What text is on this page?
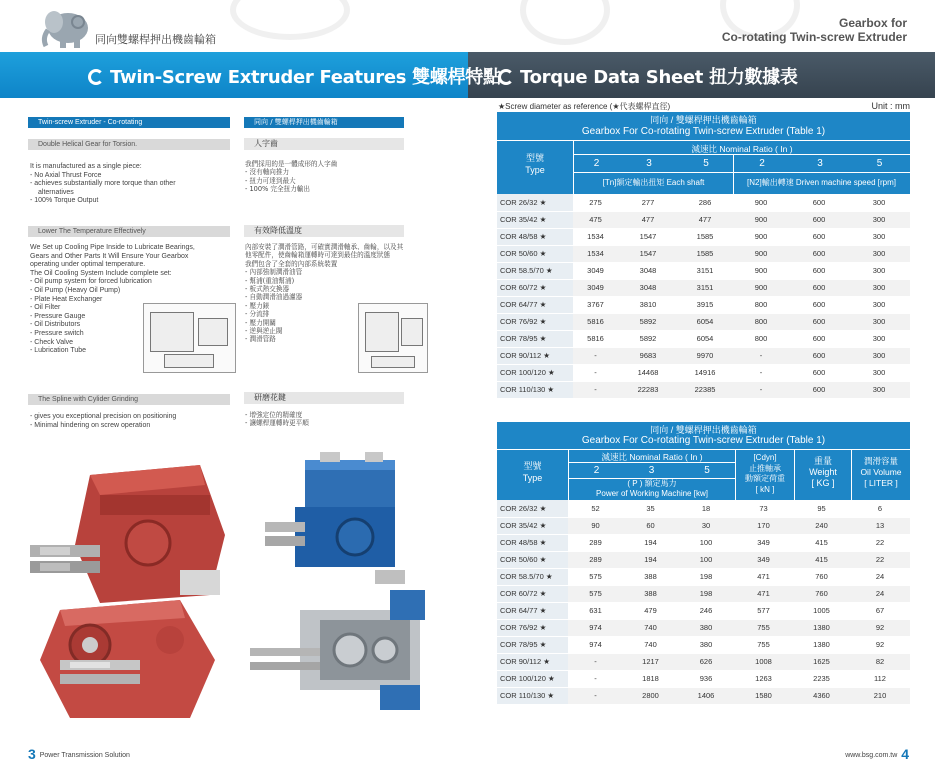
同向雙螺桿押出機齒輪箱
Gearbox for
Co-rotating Twin-screw Extruder
Twin-Screw Extruder Features 雙螺桿特點	Torque Data Sheet 扭力數據表
Twin-screw Extruder - Co-rotating	同向 / 雙螺桿押出機齒輪箱
Double Helical Gear for Torsion.	人字齒
It is manufactured as a single piece:
- No Axial Thrust Force
- achieves substantially more torque than other
alternatives
- 100% Torque Output
我們採用的是一體成形的人字齒
- 沒有軸向推力
- 扭力可達到最大
- 100% 完全扭力輸出
Lower The Temperature Effectively	有效降低溫度
We Set up Cooling Pipe Inside to Lubricate Bearings,
Gears and Other Parts It Will Ensure Your Gearbox
operating under optimal temperature.
The Oil Cooling System Include complete set:
- Oil pump system for forced lubrication
- Oil Pump (Heavy Oil Pump)
- Plate Heat Exchanger
- Oil Filter
- Pressure Gauge
- Oil Distributors
- Pressure switch
- Check Valve
- Lubrication Tube
內部安裝了潤滑管路，可確實潤滑軸承、齒輪，以及其
他零配件，使齒輪箱運轉時可達到最佳的溫度狀態
我們包含了全套的內部系統裝置
- 內部強制潤滑油管
- 幫浦(重油幫浦)
- 板式熱交換器
- 自動潤滑油過濾器
- 壓力錶
- 分流排
- 壓力開關
- 逆與逆止閥
- 潤滑管路
The Spline with Cylider Grinding	研磨花鍵
- gives you exceptional precision on positioning
- Minimal hindering on screw operation
- 增強定位的精確度
- 讓螺桿運轉時更平順
★Screw diameter as reference (★代表螺桿直徑)	Unit : mm
同向 / 雙螺桿押出機齒輪箱
Gearbox For Co-rotating Twin-screw Extruder (Table 1)
型號
Type
減速比 Nominal Ratio ( In )
2	3	5	2	3	5
[Tn]額定輸出扭矩 Each shaft	[N2]輸出轉速 Driven machine speed [rpm]
COR 26/32 ★	275	277	286	900	600	300
COR 35/42 ★	475	477	477	900	600	300
COR 48/58 ★	1534	1547	1585	900	600	300
COR 50/60 ★	1534	1547	1585	900	600	300
COR 58.5/70 ★	3049	3048	3151	900	600	300
COR 60/72 ★	3049	3048	3151	900	600	300
COR 64/77 ★	3767	3810	3915	800	600	300
COR 76/92 ★	5816	5892	6054	800	600	300
COR 78/95 ★	5816	5892	6054	800	600	300
COR 90/112 ★	-	9683	9970	-	600	300
COR 100/120 ★	-	14468	14916	-	600	300
COR 110/130 ★	-	22283	22385	-	600	300
同向 / 雙螺桿押出機齒輪箱
Gearbox For Co-rotating Twin-screw Extruder (Table 1)
型號
Type
減速比 Nominal Ratio ( In )
2	3	5
( P ) 額定馬力
Power of Working Machine [kw]
[Cdyn]
止推軸承
動額定荷重
[ kN ]
重量
Weight
[ KG ]
潤滑容量
Oil Volume
[ LITER ]
COR 26/32 ★	52	35	18	73	95	6
COR 35/42 ★	90	60	30	170	240	13
COR 48/58 ★	289	194	100	349	415	22
COR 50/60 ★	289	194	100	349	415	22
COR 58.5/70 ★	575	388	198	471	760	24
COR 60/72 ★	575	388	198	471	760	24
COR 64/77 ★	631	479	246	577	1005	67
COR 76/92 ★	974	740	380	755	1380	92
COR 78/95 ★	974	740	380	755	1380	92
COR 90/112 ★	-	1217	626	1008	1625	82
COR 100/120 ★	-	1818	936	1263	2235	112
COR 110/130 ★	-	2800	1406	1580	4360	210
3 Power Transmission Solution	www.bsg.com.tw 4
